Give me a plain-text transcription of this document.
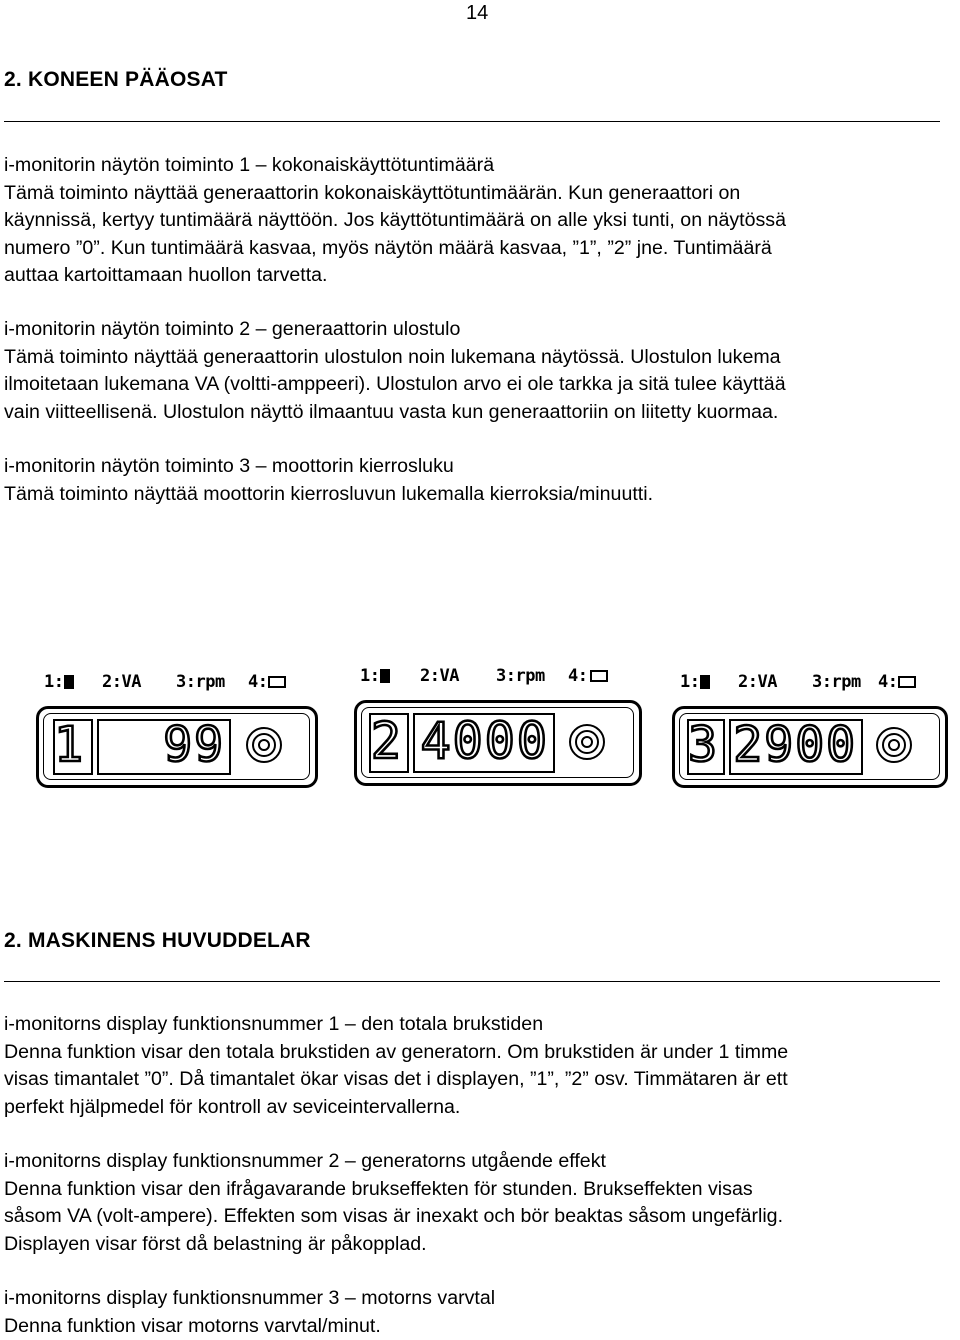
14
2. KONEEN PÄÄOSAT
i-monitorin näytön toiminto 1 – kokonaiskäyttötuntimäärä
Tämä toiminto näyttää generaattorin kokonaiskäyttötuntimäärän. Kun generaattori on
käynnissä, kertyy tuntimäärä näyttöön. Jos käyttötuntimäärä on alle yksi tunti, on näytössä
numero ”0”. Kun tuntimäärä kasvaa, myös näytön määrä kasvaa, ”1”, ”2” jne. Tuntimäärä
auttaa kartoittamaan huollon tarvetta.
i-monitorin näytön toiminto 2 – generaattorin ulostulo
Tämä toiminto näyttää generaattorin ulostulon noin lukemana näytössä. Ulostulon lukema
ilmoitetaan lukemana VA (voltti-amppeeri). Ulostulon arvo ei ole tarkka ja sitä tulee käyttää
vain viitteellisenä. Ulostulon näyttö ilmaantuu vasta kun generaattoriin on liitetty kuormaa.
i-monitorin näytön toiminto 3 – moottorin kierrosluku
Tämä toiminto näyttää moottorin kierrosluvun lukemalla kierroksia/minuutti.
1: 2:VA 3:rpm 4:
1 99
1: 2:VA 3:rpm 4:
2 4000
1: 2:VA 3:rpm 4:
3 2900
2. MASKINENS HUVUDDELAR
i-monitorns display funktionsnummer 1 – den totala brukstiden
Denna funktion visar den totala brukstiden av generatorn. Om brukstiden är under 1 timme
visas timantalet ”0”. Då timantalet ökar visas det i displayen, ”1”, ”2” osv. Timmätaren är ett
perfekt hjälpmedel för kontroll av seviceintervallerna.
i-monitorns display funktionsnummer 2 – generatorns utgående effekt
Denna funktion visar den ifrågavarande brukseffekten för stunden. Brukseffekten visas
såsom VA (volt-ampere). Effekten som visas är inexakt och bör beaktas såsom ungefärlig.
Displayen visar först då belastning är påkopplad.
i-monitorns display funktionsnummer 3 – motorns varvtal
Denna funktion visar motorns varvtal/minut.
